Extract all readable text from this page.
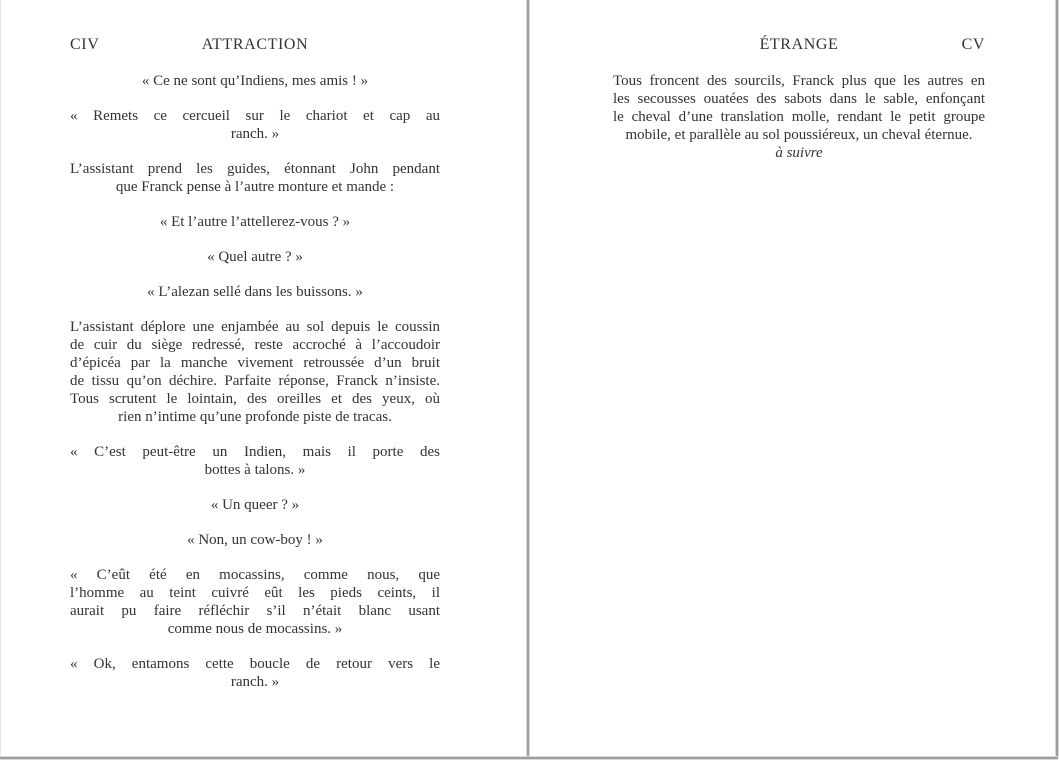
CIV	ATTRACTION
« Ce ne sont qu’Indiens, mes amis ! »
« Remets ce cercueil sur le chariot et cap au
ranch. »
L’assistant prend les guides, étonnant John pendant
que Franck pense à l’autre monture et mande :
« Et l’autre l’attellerez-vous ? »
« Quel autre ? »
« L’alezan sellé dans les buissons. »
L’assistant déplore une enjambée au sol depuis le coussin
de cuir du siège redressé, reste accroché à l’accoudoir
d’épicéa par la manche vivement retroussée d’un bruit
de tissu qu’on déchire. Parfaite réponse, Franck n’insiste.
Tous scrutent le lointain, des oreilles et des yeux, où
rien n’intime qu’une profonde piste de tracas.
« C’est peut-être un Indien, mais il porte des
bottes à talons. »
« Un queer ? »
« Non, un cow-boy ! »
« C’eût été en mocassins, comme nous, que
l’homme au teint cuivré eût les pieds ceints, il
aurait pu faire réfléchir s’il n’était blanc usant
comme nous de mocassins. »
« Ok, entamons cette boucle de retour vers le
ranch. »
ÉTRANGE	CV
Tous froncent des sourcils, Franck plus que les autres en
les secousses ouatées des sabots dans le sable, enfonçant
le cheval d’une translation molle, rendant le petit groupe
mobile, et parallèle au sol poussiéreux, un cheval éternue.
à suivre
